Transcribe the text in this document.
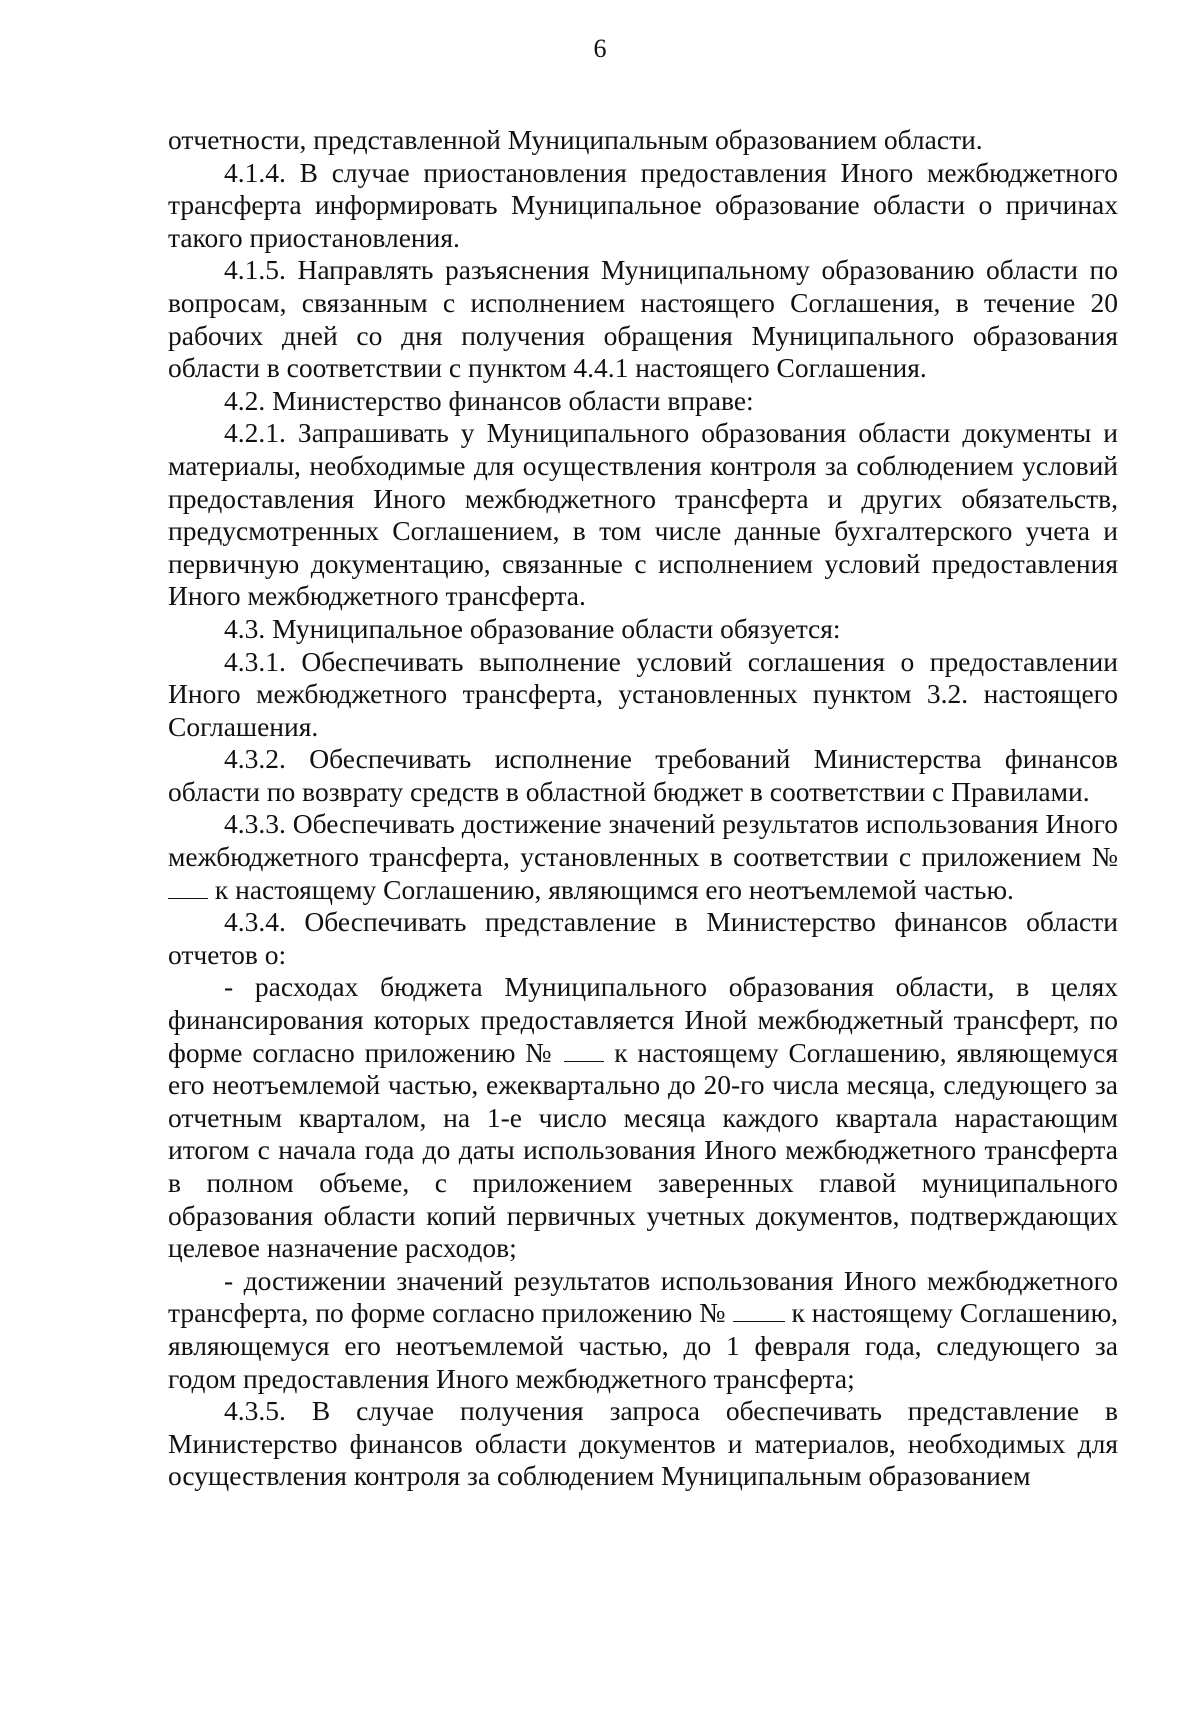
6

отчетности, представленной Муниципальным образованием области.

4.1.4. В случае приостановления предоставления Иного межбюджетного трансферта информировать Муниципальное образование области о причинах такого приостановления.

4.1.5. Направлять разъяснения Муниципальному образованию области по вопросам, связанным с исполнением настоящего Соглашения, в течение 20 рабочих дней со дня получения обращения Муниципального образования области в соответствии с пунктом 4.4.1 настоящего Соглашения.

4.2. Министерство финансов области вправе:

4.2.1. Запрашивать у Муниципального образования области документы и материалы, необходимые для осуществления контроля за соблюдением условий предоставления Иного межбюджетного трансферта и других обязательств, предусмотренных Соглашением, в том числе данные бухгалтерского учета и первичную документацию, связанные с исполнением условий предоставления Иного межбюджетного трансферта.

4.3. Муниципальное образование области обязуется:

4.3.1. Обеспечивать выполнение условий соглашения о предоставлении Иного межбюджетного трансферта, установленных пунктом 3.2. настоящего Соглашения.

4.3.2. Обеспечивать исполнение требований Министерства финансов области по возврату средств в областной бюджет в соответствии с Правилами.

4.3.3. Обеспечивать достижение значений результатов использования Иного межбюджетного трансферта, установленных в соответствии с приложением №  к настоящему Соглашению, являющимся его неотъемлемой частью.

4.3.4. Обеспечивать представление в Министерство финансов области отчетов о:

- расходах бюджета Муниципального образования области, в целях финансирования которых предоставляется Иной межбюджетный трансферт, по форме согласно приложению № к настоящему Соглашению, являющемуся его неотъемлемой частью, ежеквартально до 20-го числа месяца, следующего за отчетным кварталом, на 1-е число месяца каждого квартала нарастающим итогом с начала года до даты использования Иного межбюджетного трансферта в полном объеме, с приложением заверенных главой муниципального образования области копий первичных учетных документов, подтверждающих целевое назначение расходов;

- достижении значений результатов использования Иного межбюджетного трансферта, по форме согласно приложению № к настоящему Соглашению, являющемуся его неотъемлемой частью, до 1 февраля года, следующего за годом предоставления Иного межбюджетного трансферта;

4.3.5. В случае получения запроса обеспечивать представление в Министерство финансов области документов и материалов, необходимых для осуществления контроля за соблюдением Муниципальным образованием
